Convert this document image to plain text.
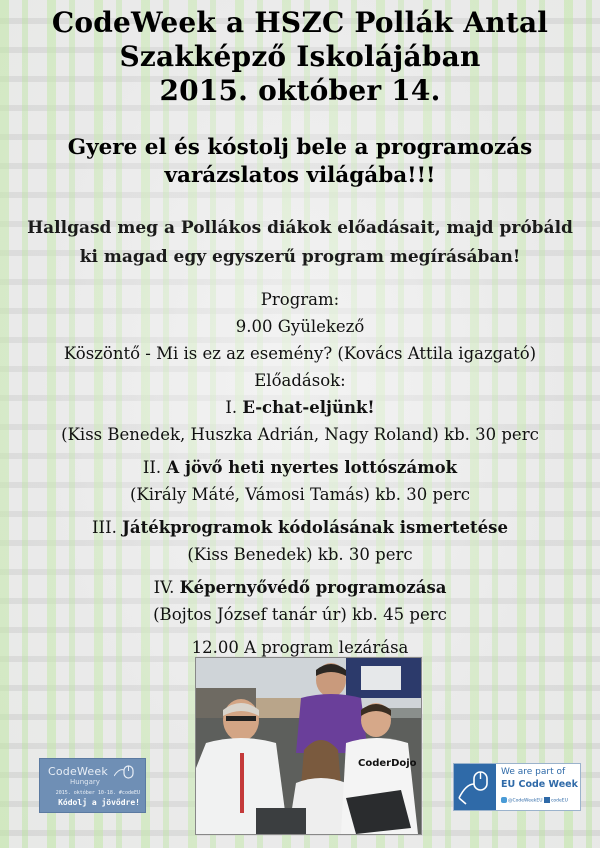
CodeWeek a HSZC Pollák Antal
Szakképző Iskolájában
2015. október 14.
Gyere el és kóstolj bele a programozás
varázslatos világába!!!
Hallgasd meg a Pollákos diákok előadásait, majd próbáld
ki magad egy egyszerű program megírásában!
Program:
9.00 Gyülekező
Köszöntő - Mi is ez az esemény? (Kovács Attila igazgató)
Előadások:
I. E-chat-eljünk!
(Kiss Benedek, Huszka Adrián, Nagy Roland) kb. 30 perc
II. A jövő heti nyertes lottószámok
(Király Máté, Vámosi Tamás) kb. 30 perc
III. Játékprogramok kódolásának ismertetése
(Kiss Benedek) kb. 30 perc
IV. Képernyővédő programozása
(Bojtos József tanár úr) kb. 45 perc
12.00 A program lezárása
CoderDojo
CodeWeek
Hungary
2015. október 10-18. #codeEU
Kódolj a jövődre!
We are part of
EU Code Week
@CodeWeekEU codeEU
